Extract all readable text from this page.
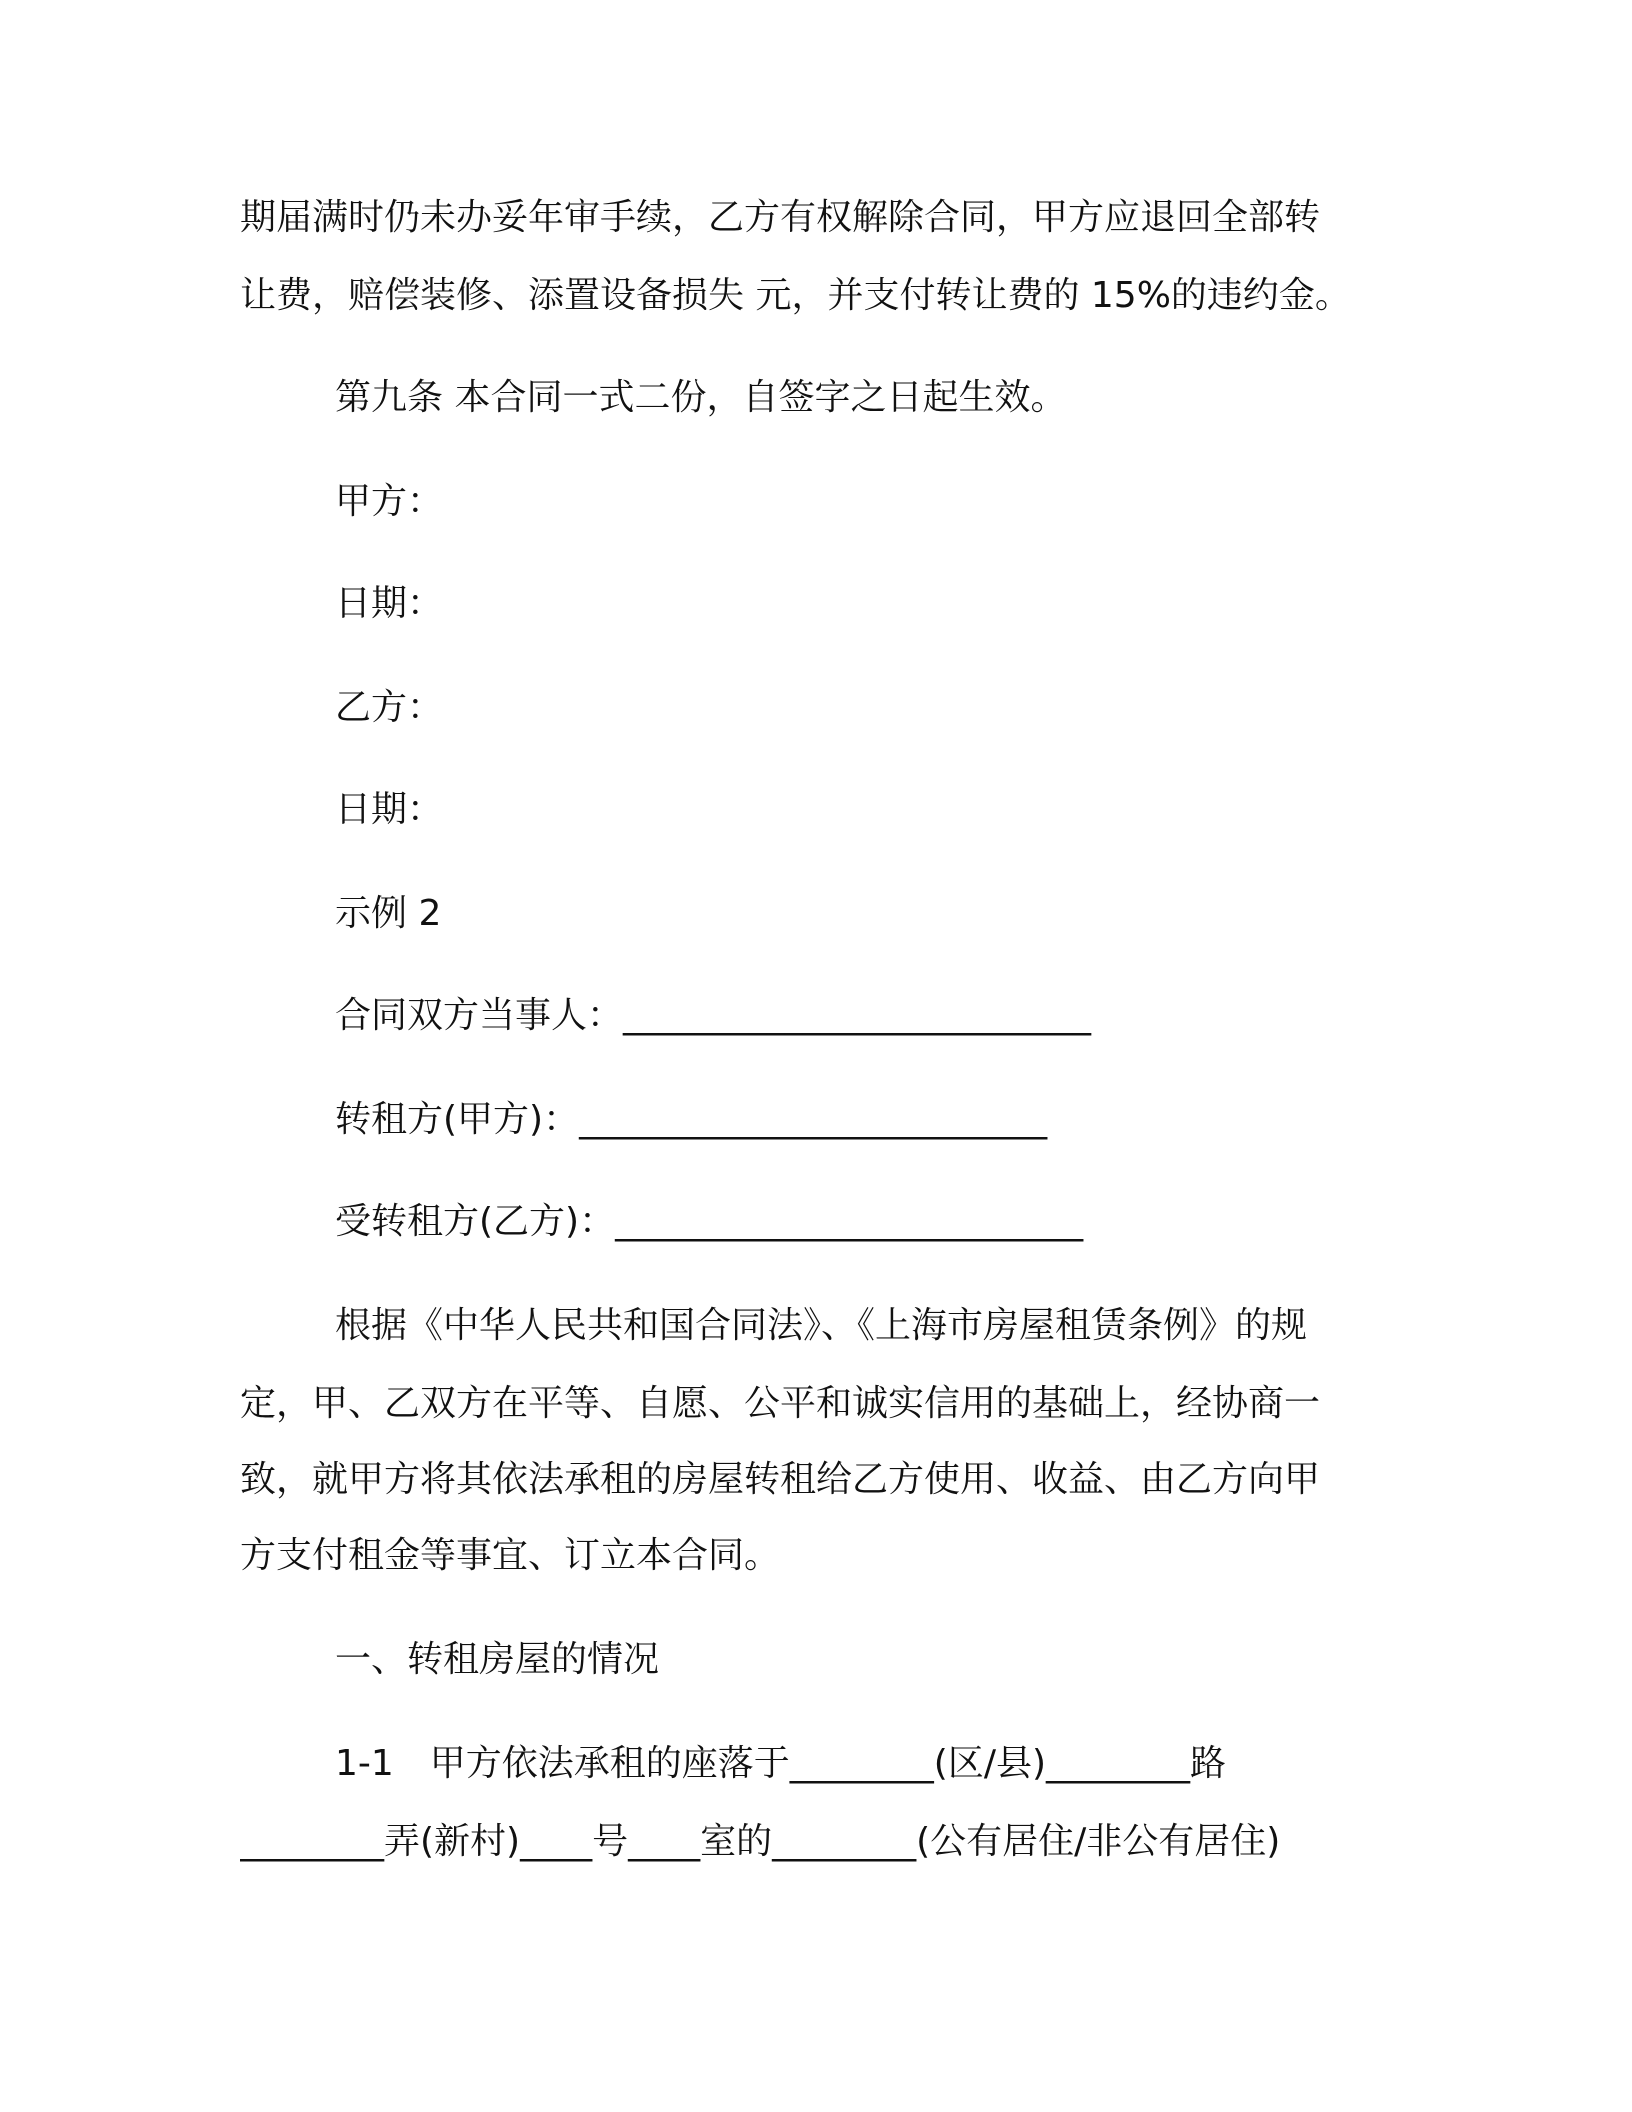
期届满时仍未办妥年审手续，乙方有权解除合同，甲方应退回全部转
让费，赔偿装修、添置设备损失 元，并支付转让费的 15%的违约金。
第九条 本合同一式二份，自签字之日起生效。
甲方：
日期：
乙方：
日期：
示例 2
合同双方当事人：__________________________
转租方(甲方)：__________________________
受转租方(乙方)：__________________________
根据《中华人民共和国合同法》、《上海市房屋租赁条例》的规
定，甲、乙双方在平等、自愿、公平和诚实信用的基础上，经协商一
致，就甲方将其依法承租的房屋转租给乙方使用、收益、由乙方向甲
方支付租金等事宜、订立本合同。
一、转租房屋的情况
1-1　甲方依法承租的座落于________(区/县)________路
________弄(新村)____号____室的________(公有居住/非公有居住)
